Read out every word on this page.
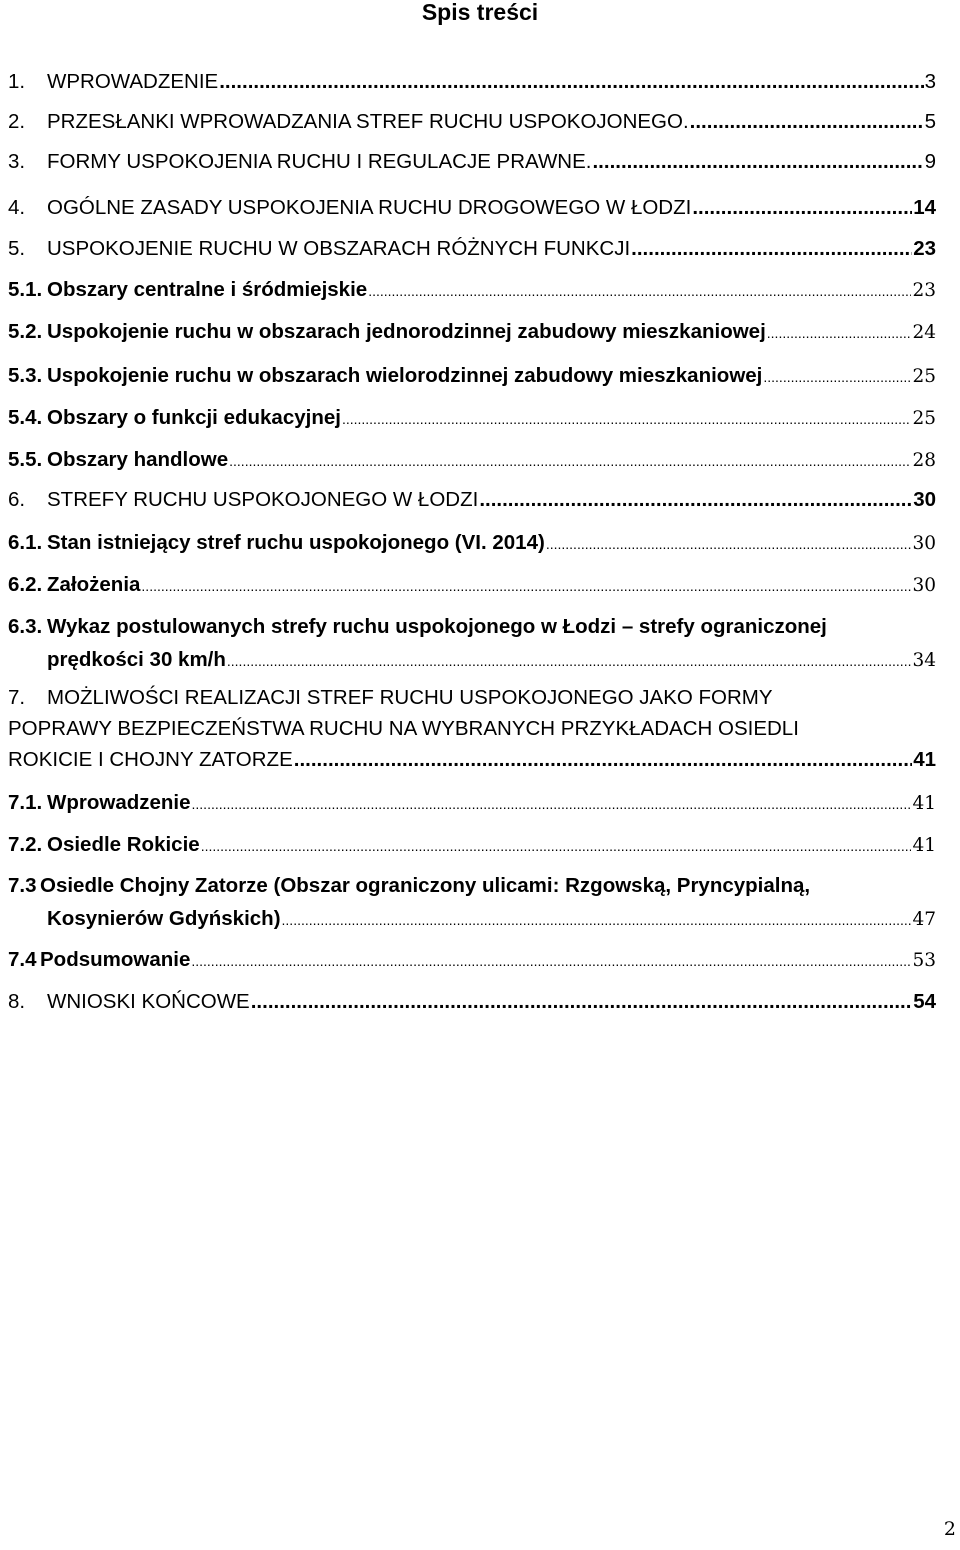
Spis treści
1. WPROWADZENIE .....	3
2. PRZESŁANKI WPROWADZANIA STREF RUCHU USPOKOJONEGO. .....	5
3. FORMY USPOKOJENIA RUCHU I REGULACJE PRAWNE. .....	9
4. OGÓLNE ZASADY USPOKOJENIA RUCHU DROGOWEGO W ŁODZI .....	14
5. USPOKOJENIE RUCHU W OBSZARACH RÓŻNYCH FUNKCJI .....	23
5.1. Obszary centralne i śródmiejskie .....	23
5.2. Uspokojenie ruchu w obszarach jednorodzinnej zabudowy mieszkaniowej .....	24
5.3. Uspokojenie ruchu w obszarach wielorodzinnej zabudowy mieszkaniowej .....	25
5.4. Obszary o funkcji edukacyjnej .....	25
5.5. Obszary handlowe .....	28
6. STREFY RUCHU USPOKOJONEGO W ŁODZI .....	30
6.1. Stan istniejący stref ruchu uspokojonego (VI. 2014) .....	30
6.2. Założenia .....	30
6.3. Wykaz postulowanych strefy ruchu uspokojonego w Łodzi – strefy ograniczonej
prędkości 30 km/h .....	34
7. MOŻLIWOŚCI REALIZACJI STREF RUCHU USPOKOJONEGO JAKO FORMY
POPRAWY BEZPIECZEŃSTWA RUCHU NA WYBRANYCH PRZYKŁADACH OSIEDLI
ROKICIE I CHOJNY ZATORZE .....	41
7.1. Wprowadzenie .....	41
7.2. Osiedle Rokicie .....	41
7.3 Osiedle Chojny Zatorze (Obszar ograniczony ulicami: Rzgowską, Pryncypialną,
Kosynierów Gdyńskich) .....	47
7.4 Podsumowanie .....	53
8. WNIOSKI KOŃCOWE .....	54
2
